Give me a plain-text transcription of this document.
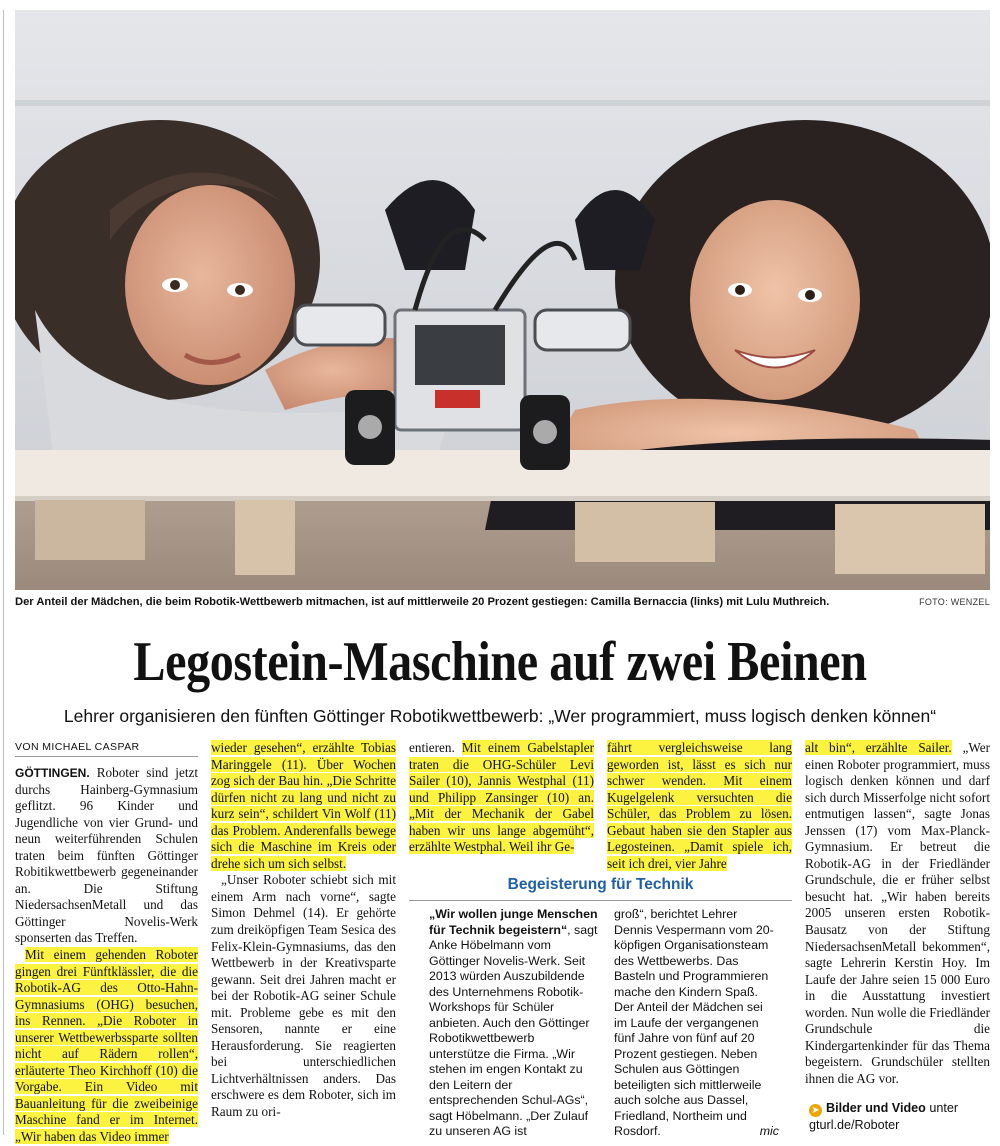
Der Anteil der Mädchen, die beim Robotik-Wettbewerb mitmachen, ist auf mittlerweile 20 Prozent gestiegen: Camilla Bernaccia (links) mit Lulu Muthreich.	FOTO: WENZEL
Legostein-Maschine auf zwei Beinen
Lehrer organisieren den fünften Göttinger Robotikwettbewerb: „Wer programmiert, muss logisch denken können“
VON MICHAEL CASPAR

GÖTTINGEN. Roboter sind jetzt durchs Hainberg-Gymnasium geflitzt. 96 Kinder und Jugendliche von vier Grund- und neun weiterführenden Schulen traten beim fünften Göttinger Robitikwettbewerb gegeneinander an. Die Stiftung NiedersachsenMetall und das Göttinger Novelis-Werk sponserten das Treffen.

Mit einem gehenden Roboter gingen drei Fünftklässler, die die Robotik-AG des Otto-Hahn-Gymnasiums (OHG) besuchen, ins Rennen. „Die Roboter in unserer Wettbewerbssparte sollten nicht auf Rädern rollen“, erläuterte Theo Kirchhoff (10) die Vorgabe. Ein Video mit Bauanleitung für die zweibeinige Maschine fand er im Internet. „Wir haben das Video immer

wieder gesehen“, erzählte Tobias Maringgele (11). Über Wochen zog sich der Bau hin. „Die Schritte dürfen nicht zu lang und nicht zu kurz sein“, schildert Vin Wolf (11) das Problem. Anderenfalls bewege sich die Maschine im Kreis oder drehe sich um sich selbst.

„Unser Roboter schiebt sich mit einem Arm nach vorne“, sagte Simon Dehmel (14). Er gehörte zum dreiköpfigen Team Sesica des Felix-Klein-Gymnasiums, das den Wettbewerb in der Kreativsparte gewann. Seit drei Jahren macht er bei der Robotik-AG seiner Schule mit. Probleme gebe es mit den Sensoren, nannte er eine Herausforderung. Sie reagierten bei unterschiedlichen Lichtverhältnissen anders. Das erschwere es dem Roboter, sich im Raum zu ori-

entieren. Mit einem Gabelstapler traten die OHG-Schüler Levi Sailer (10), Jannis Westphal (11) und Philipp Zansinger (10) an. „Mit der Mechanik der Gabel haben wir uns lange abgemüht“, erzählte Westphal. Weil ihr Ge-

fährt vergleichsweise lang geworden ist, lässt es sich nur schwer wenden. Mit einem Kugelgelenk versuchten die Schüler, das Problem zu lösen. Gebaut haben sie den Stapler aus Legosteinen. „Damit spiele ich, seit ich drei, vier Jahre

alt bin“, erzählte Sailer. „Wer einen Roboter programmiert, muss logisch denken können und darf sich durch Misserfolge nicht sofort entmutigen lassen“, sagte Jonas Jenssen (17) vom Max-Planck-Gymnasium. Er betreut die Robotik-AG in der Friedländer Grundschule, die er früher selbst besucht hat. „Wir haben bereits 2005 unseren ersten Robotik-Bausatz von der Stiftung NiedersachsenMetall bekommen“, sagte Lehrerin Kerstin Hoy. Im Laufe der Jahre seien 15 000 Euro in die Ausstattung investiert worden. Nun wolle die Friedländer Grundschule die Kindergartenkinder für das Thema begeistern. Grundschüler stellten ihnen die AG vor.

Begeisterung für Technik

„Wir wollen junge Menschen für Technik begeistern“, sagt Anke Höbelmann vom Göttinger Novelis-Werk. Seit 2013 würden Auszubildende des Unternehmens Robotik-Workshops für Schüler anbieten. Auch den Göttinger Robotikwettbewerb unterstütze die Firma. „Wir stehen im engen Kontakt zu den Leitern der entsprechenden Schul-AGs“, sagt Höbelmann. „Der Zulauf zu unseren AG ist

groß“, berichtet Lehrer Dennis Vespermann vom 20-köpfigen Organisationsteam des Wettbewerbs. Das Basteln und Programmieren mache den Kindern Spaß. Der Anteil der Mädchen sei im Laufe der vergangenen fünf Jahre von fünf auf 20 Prozent gestiegen. Neben Schulen aus Göttingen beteiligten sich mittlerweile auch solche aus Dassel, Friedland, Northeim und Rosdorf.	mic

➤ Bilder und Video unter
gturl.de/Roboter
